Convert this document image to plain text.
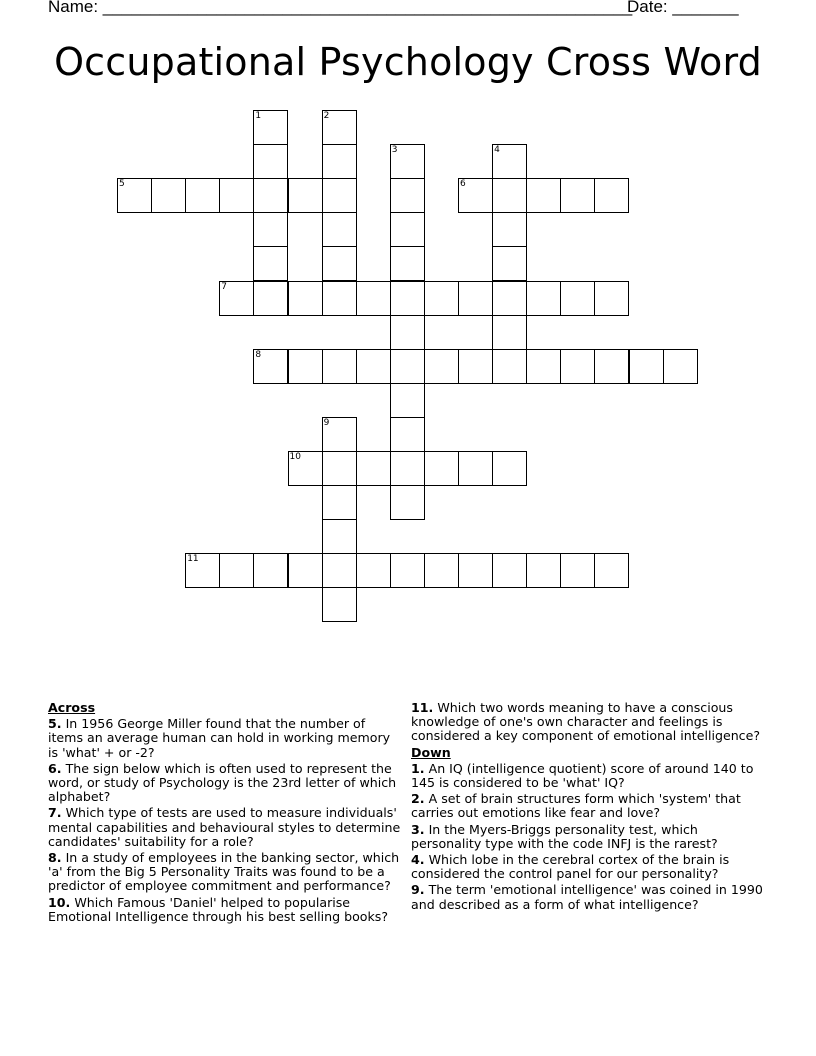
Name: ________________________________________________________
Date: _______
Occupational Psychology Cross Word
5	6
7
8
10
11
1	2
3	4
9
Across
5. In 1956 George Miller found that the number of items an average human can hold in working memory is 'what' + or -2?
6. The sign below which is often used to represent the word, or study of Psychology is the 23rd letter of which alphabet?
7. Which type of tests are used to measure individuals' mental capabilities and behavioural styles to determine candidates' suitability for a role?
8. In a study of employees in the banking sector, which 'a' from the Big 5 Personality Traits was found to be a predictor of employee commitment and performance?
10. Which Famous 'Daniel' helped to popularise Emotional Intelligence through his best selling books?
11. Which two words meaning to have a conscious knowledge of one's own character and feelings is considered a key component of emotional intelligence?
Down
1. An IQ (intelligence quotient) score of around 140 to 145 is considered to be 'what' IQ?
2. A set of brain structures form which 'system' that carries out emotions like fear and love?
3. In the Myers-Briggs personality test, which personality type with the code INFJ is the rarest?
4. Which lobe in the cerebral cortex of the brain is considered the control panel for our personality?
9. The term 'emotional intelligence' was coined in 1990 and described as a form of what intelligence?
